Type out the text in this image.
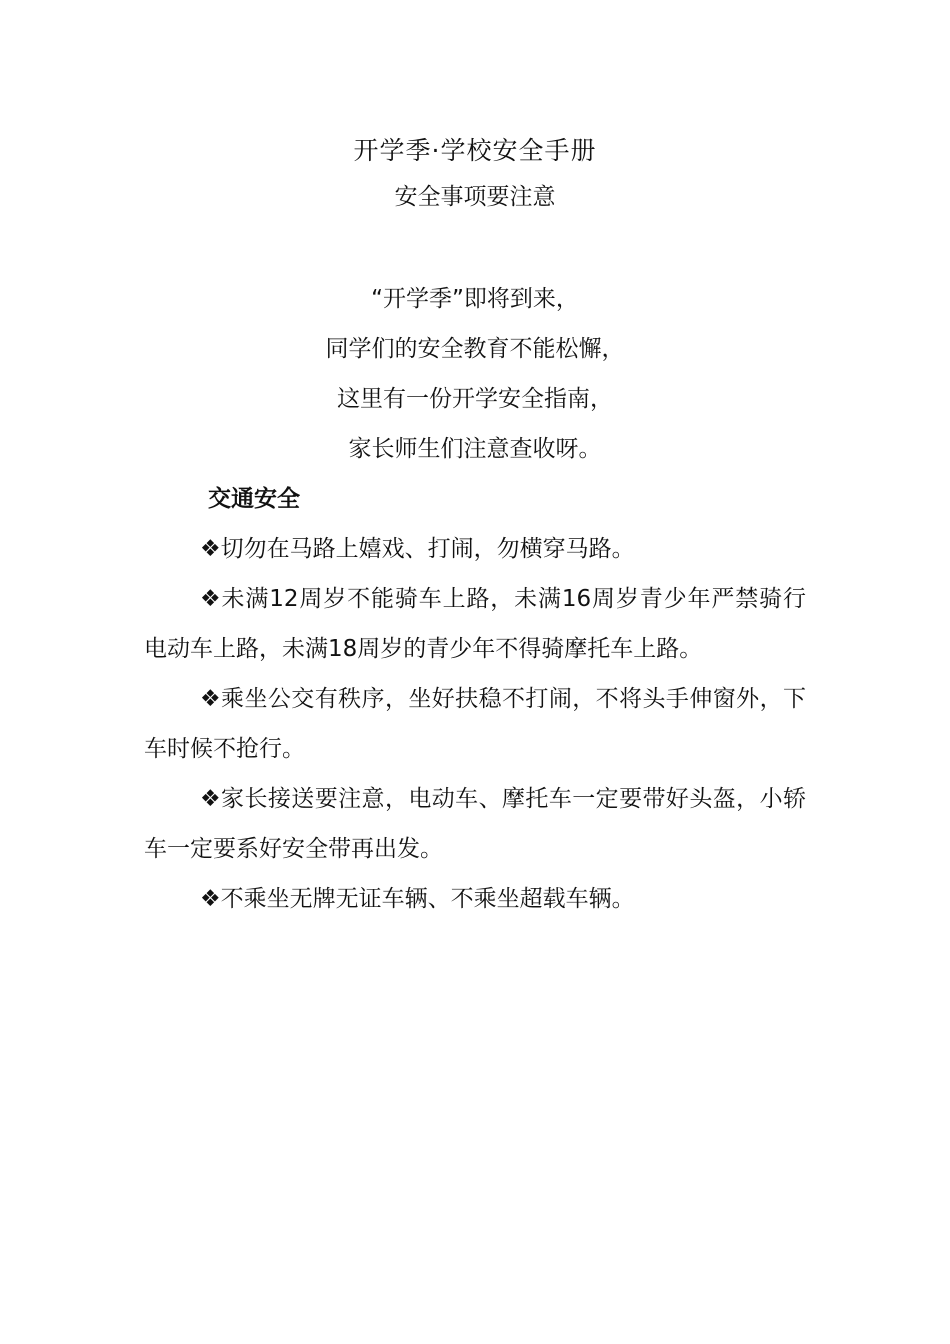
开学季·学校安全手册
安全事项要注意

“开学季”即将到来，

同学们的安全教育不能松懈，

这里有一份开学安全指南，

家长师生们注意查收呀。

交通安全

❖切勿在马路上嬉戏、打闹，勿横穿马路。

❖未满12周岁不能骑车上路，未满16周岁青少年严禁骑行电动车上路，未满18周岁的青少年不得骑摩托车上路。

❖乘坐公交有秩序，坐好扶稳不打闹，不将头手伸窗外，下车时候不抢行。

❖家长接送要注意，电动车、摩托车一定要带好头盔，小轿车一定要系好安全带再出发。

❖不乘坐无牌无证车辆、不乘坐超载车辆。
